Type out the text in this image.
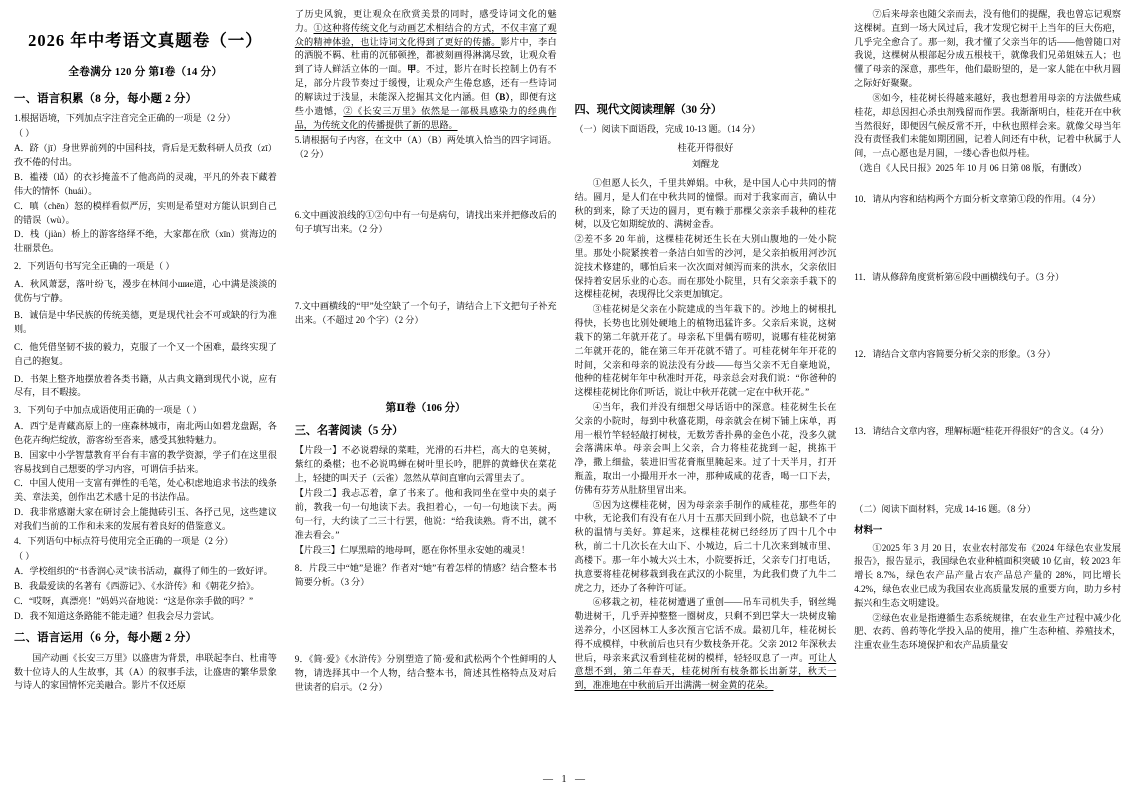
2026 年中考语文真题卷（一）
全卷满分 120 分 第Ⅰ卷（14 分）
一、语言积累（8 分，每小题 2 分）

1.根据语境，下列加点字注音完全正确的一项是（2 分）

（ ）

A．跻（jī）身世界前列的中国科技，背后是无数科研人员孜（zī）孜不倦的付出。

B．褴褛（lǚ）的衣衫掩盖不了他高尚的灵魂，平凡的外表下藏着伟大的情怀（huái）。

C．嗔（chēn）怒的模样看似严厉，实则是希望对方能认识到自己的错误（wù）。

D．栈（jiàn）桥上的游客络绎不绝，大家都在欣（xīn）赏海边的壮丽景色。

2．下列语句书写完全正确的一项是（ ）

A．秋风萧瑟，落叶纷飞，漫步在林间小шие道，心中满是淡淡的优伤与宁静。

B．诚信是中华民族的传统美德，更是现代社会不可或缺的行为准则。

C．他凭借坚韧不拔的毅力，克服了一个又一个困难，最终实现了自己的抱复。

D．书架上整齐地摆放着各类书籍，从古典文籍到现代小说，应有尽有，目不暇接。

3．下列句子中加点成语使用正确的一项是（ ）

A．西宁是青藏高原上的一座森林城市，南北两山如碧龙盘踞，各色花卉绚烂绽放，游客纷至沓来，感受其独特魅力。

B．国家中小学智慧教育平台有丰富的教学资源，学子们在这里很容易找到自己想要的学习内容，可谓信手拈来。

C．中国人使用一支富有弹性的毛笔，处心积虑地追求书法的线条美、章法美，创作出艺术感十足的书法作品。

D．我非常感谢大家在研讨会上能抛砖引玉、各抒己见，这些建议对我们当前的工作和未来的发展有着良好的借鉴意义。

4．下列语句中标点符号使用完全正确的一项是（2 分）

（ ）

A．学校组织的“书香润心灵”读书活动，赢得了师生的一致好评。

B．我最爱读的名著有《西游记》、《水浒传》和《朝花夕拾》。

C．“哎呀，真漂亮！”妈妈兴奋地说：“这是你亲手做的吗？”

D．我不知道这条路能不能走通？但我会尽力尝试。

二、语言运用（6 分，每小题 2 分）

国产动画《长安三万里》以盛唐为背景，串联起李白、杜甫等数十位诗人的人生故事，其（A）的叙事手法，让盛唐的繁华景象与诗人的家国情怀完美融合。影片不仅还原

了历史风貌，更让观众在欣赏美景的同时，感受诗词文化的魅力。①这种将传统文化与动画艺术相结合的方式，不仅丰富了观众的精神体验，也让诗词文化得到了更好的传播。影片中，李白的洒脱不羁、杜甫的沉郁顿挫，都被刻画得淋漓尽致，让观众看到了诗人鲜活立体的一面。甲。不过，影片在时长控制上仍有不足，部分片段节奏过于缓慢，让观众产生倦怠感，还有一些诗词的解读过于浅显，未能深入挖掘其文化内涵。但（B），即便有这些小遗憾，②《长安三万里》依然是一部极具感染力的经典作品，为传统文化的传播提供了新的思路。

5.请根据句子内容，在文中（A）（B）两处填入恰当的四字词语。（2 分）

6.文中画波浪线的①②句中有一句是病句，请找出来并把修改后的句子填写出来。（2 分）

7.文中画横线的“甲”处空缺了一个句子，请结合上下文把句子补充出来。（不超过 20 个字）（2 分）

第Ⅱ卷（106 分）
三、名著阅读（5 分）

【片段一】不必说碧绿的菜畦，光滑的石井栏，高大的皂荚树，紫红的桑椹；也不必说鸣蝉在树叶里长吟，肥胖的黄蜂伏在菜花上，轻捷的叫天子（云雀）忽然从草间直窜向云霄里去了。

【片段二】我忐忑着，拿了书来了。他和我同坐在堂中央的桌子前，教我一句一句地读下去。我担着心，一句一句地读下去。两句一行，大约读了二三十行罢，他说：“给我读熟。背不出，就不准去看会。”

【片段三】仁厚黑暗的地母呵，愿在你怀里永安她的魂灵！

8．片段三中“她”是谁？作者对“她”有着怎样的情感？结合整本书简要分析。（3 分）

9．《简·爱》《水浒传》分别塑造了简·爱和武松两个个性鲜明的人物，请选择其中一个人物，结合整本书，简述其性格特点及对后世读者的启示。（2 分）

四、现代文阅读理解（30 分）
（一）阅读下面语段，完成 10-13 题。（14 分）
桂花开得很好
刘醒龙

①但愿人长久，千里共婵娟。中秋，是中国人心中共同的情结。圆月，是人们在中秋共同的憧憬。而对于我家而言，确认中秋的到来，除了天边的圆月，更有赖于那棵父亲亲手栽种的桂花树，以及它如期绽放的、满树金香。

②差不多 20 年前，这棵桂花树还生长在大别山腹地的一处小院里。那处小院紧挨着一条洁白如雪的沙河，是父亲拍板用河沙沉淀技术修建的，哪怕后来一次次面对倾泻而来的洪水，父亲依旧保持着安居乐业的心态。而在那处小院里，只有父亲亲手栽下的这棵桂花树，表现得比父亲更加镇定。

③桂花树是父亲在小院建成的当年栽下的。沙地上的树根扎得快，长势也比别处硬地上的植物迅猛许多。父亲后来说，这树栽下的第二年就开花了。母亲私下里偶有唠叨，说哪有桂花树第二年就开花的，能在第三年开花就不错了。可桂花树年年开花的时间，父亲和母亲的说法没有分歧——每当父亲不无自豪地说，他种的桂花树年年中秋准时开花，母亲总会对我们说：“你爸种的这棵桂花树比你们听话，说让中秋开花就一定在中秋开花。”

④当年，我们并没有细想父母话语中的深意。桂花树生长在父亲的小院时，每到中秋盛花期，母亲就会在树下铺上床单，再用一根竹竿轻轻敲打树枝，无数芳香扑鼻的金色小花，没多久就会落满床单。母亲会叫上父亲，合力将桂花拢到一起，挑拣干净，撒上细盐，装进旧雪花膏瓶里腌起来。过了十天半月，打开瓶盖，取出一小撮用开水一冲，那种咸咸的花香，喝一口下去，仿佛有芬芳从肚脐里冒出来。

⑤因为这棵桂花树，因为母亲亲手制作的咸桂花，那些年的中秋，无论我们有没有在八月十五那天回到小院，也总缺不了中秋的温情与美好。算起来，这棵桂花树已经经历了四十几个中秋，前二十几次长在大山下、小城边，后二十几次来到城市里、高楼下。那一年小城大兴土木，小院要拆迁，父亲专门打电话，执意要将桂花树移栽到我在武汉的小院里，为此我们费了九牛二虎之力，还办了各种许可证。

⑥移栽之初，桂花树遭遇了重创——吊车司机失手，钢丝绳勒进树干，几乎弄掉整整一圈树皮，只剩不到巴掌大一块树皮输送养分，小区园林工人多次预言它活不成。最初几年，桂花树长得不成模样，中秋前后也只有少数枝条开花。父亲 2012 年深秋去世后，母亲来武汉看到桂花树的模样，轻轻叹息了一声。可让人意想不到，第二年春天，桂花树所有枝条都长出新芽，秋天一到，准准地在中秋前后开出满满一树金黄的花朵。

⑦后来母亲也随父亲而去，没有他们的提醒，我也曾忘记观察这棵树。直到一场大风过后，我才发现它树干上当年的巨大伤疤，几乎完全愈合了。那一刻，我才懂了父亲当年的话——他曾随口对我说，这棵树从根部起分成五根枝干，就像我们兄弟姐妹五人；也懂了母亲的深意，那些年，他们最盼望的，是一家人能在中秋月圆之际好好聚聚。

⑧如今，桂花树长得越来越好，我也想着用母亲的方法做些咸桂花，却总因担心杀虫剂残留而作罢。我渐渐明白，桂花开在中秋当然很好，即便因气候反常不开，中秋也照样会来。就像父母当年没有责怪我们未能如期团圆，记着人间还有中秋，记着中秋属于人间，一点心愿也是月圆，一缕心香也似丹桂。

（选自《人民日报》2025 年 10 月 06 日第 08 版，有删改）

10．请从内容和结构两个方面分析文章第①段的作用。（4 分）

11．请从修辞角度赏析第⑥段中画横线句子。（3 分）

12．请结合文章内容简要分析父亲的形象。（3 分）

13．请结合文章内容，理解标题“桂花开得很好”的含义。（4 分）

（二）阅读下面材料，完成 14-16 题。（8 分）

材料一

①2025 年 3 月 20 日，农业农村部发布《2024 年绿色农业发展报告》，报告显示，我国绿色农业种植面积突破 10 亿亩，较 2023 年增长 8.7%，绿色农产品产量占农产品总产量的 28%，同比增长 4.2%，绿色农业已成为我国农业高质量发展的重要方向，助力乡村振兴和生态文明建设。

②绿色农业是指遵循生态系统规律，在农业生产过程中减少化肥、农药、兽药等化学投入品的使用，推广生态种植、养殖技术，注重农业生态环境保护和农产品质量安

— 1 —
